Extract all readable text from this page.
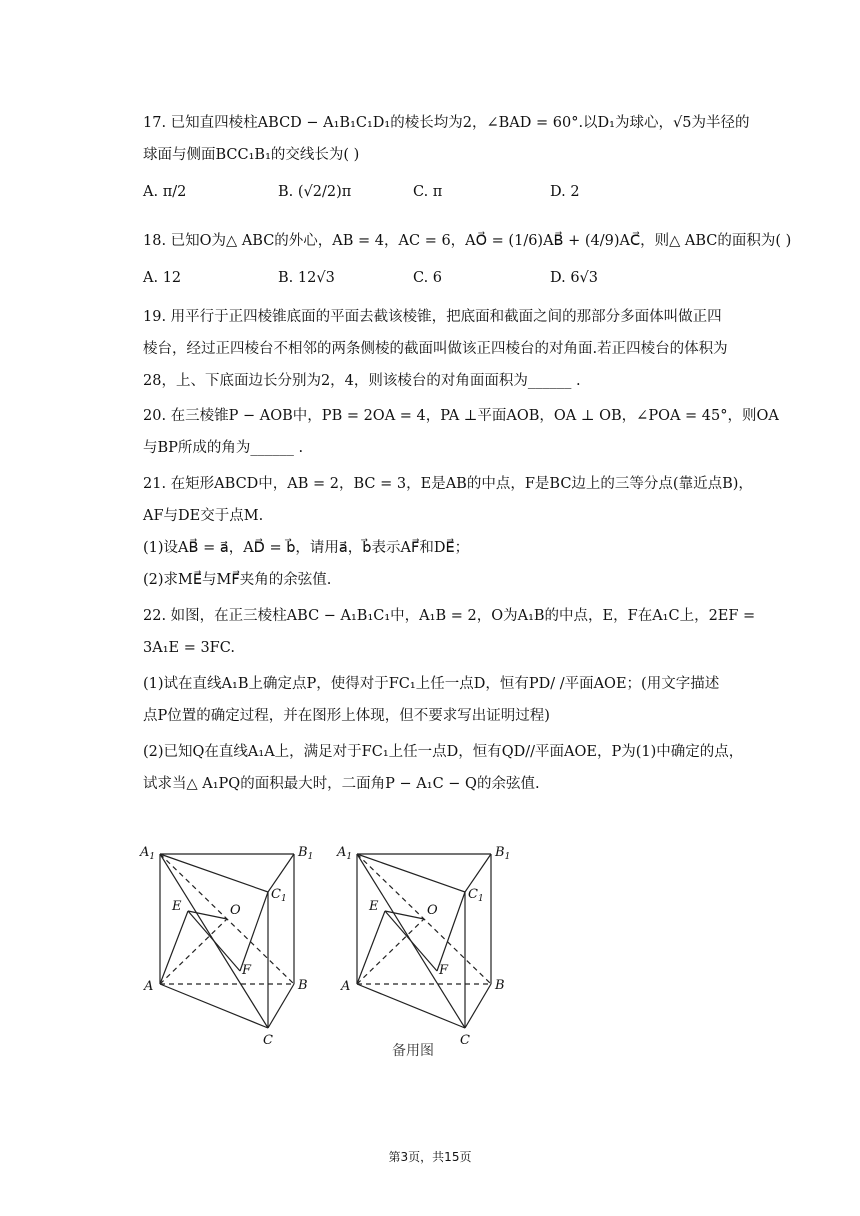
17. 已知直四棱柱ABCD − A₁B₁C₁D₁的棱长均为2，∠BAD = 60°.以D₁为球心，√5为半径的
球面与侧面BCC₁B₁的交线长为( )
A. π/2	B. (√2/2)π	C. π	D. 2
18. 已知O为△ ABC的外心，AB = 4，AC = 6，AO⃗ = (1/6)AB⃗ + (4/9)AC⃗，则△ ABC的面积为( )
A. 12	B. 12√3	C. 6	D. 6√3
19. 用平行于正四棱锥底面的平面去截该棱锥，把底面和截面之间的那部分多面体叫做正四
棱台，经过正四棱台不相邻的两条侧棱的截面叫做该正四棱台的对角面.若正四棱台的体积为
28，上、下底面边长分别为2，4，则该棱台的对角面面积为______ .
20. 在三棱锥P − AOB中，PB = 2OA = 4，PA ⊥平面AOB，OA ⊥ OB，∠POA = 45°，则OA
与BP所成的角为______ .
21. 在矩形ABCD中，AB = 2，BC = 3，E是AB的中点，F是BC边上的三等分点(靠近点B)，
AF与DE交于点M.
(1)设AB⃗ = a⃗，AD⃗ = b⃗，请用a⃗，b⃗表示AF⃗和DE⃗；
(2)求ME⃗与MF⃗夹角的余弦值.
22. 如图，在正三棱柱ABC − A₁B₁C₁中，A₁B = 2，O为A₁B的中点，E，F在A₁C上，2EF =
3A₁E = 3FC.
(1)试在直线A₁B上确定点P，使得对于FC₁上任一点D，恒有PD/ /平面AOE；(用文字描述
点P位置的确定过程，并在图形上体现，但不要求写出证明过程)
(2)已知Q在直线A₁A上，满足对于FC₁上任一点D，恒有QD//平面AOE，P为(1)中确定的点，
试求当△ A₁PQ的面积最大时，二面角P − A₁C − Q的余弦值.
$A_1$	$B_1$
$C_1$
E	O
F
A	B
C
$A_1$	$B_1$
$C_1$
E	O
F
A	B
C
备用图
第3页，共15页
